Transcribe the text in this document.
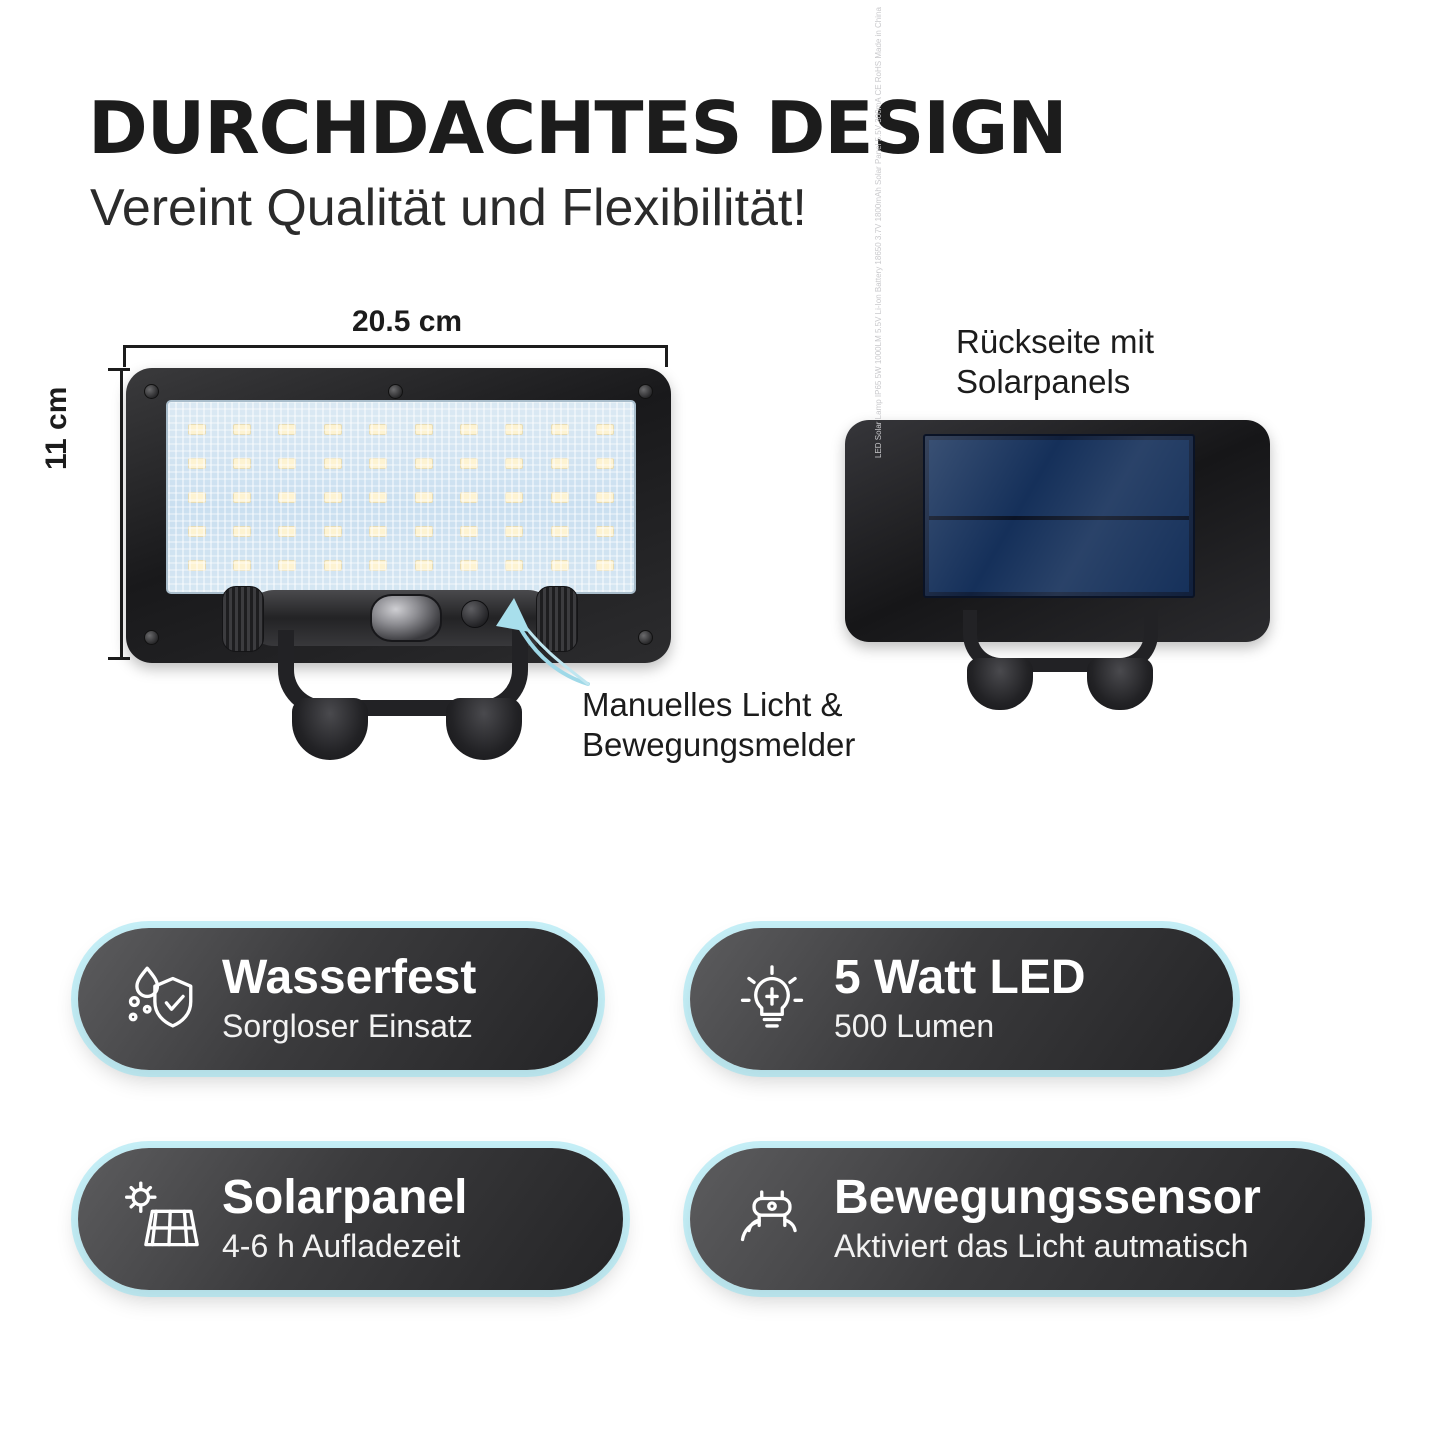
DURCHDACHTES DESIGN
Vereint Qualität und Flexibilität!
20.5 cm
11 cm
Manuelles Licht &
Bewegungsmelder
Rückseite mit
Solarpanels
LED Solar Lamp IP65 5W 1000LM 5.5V Li-Ion Battery 18650 3.7V 1800mAh Solar Panel 5.5V 300mA CE RoHS Made in China
Wasserfest
Sorgloser Einsatz
5 Watt LED
500 Lumen
Solarpanel
4-6 h Aufladezeit
Bewegungssensor
Aktiviert das Licht autmatisch
